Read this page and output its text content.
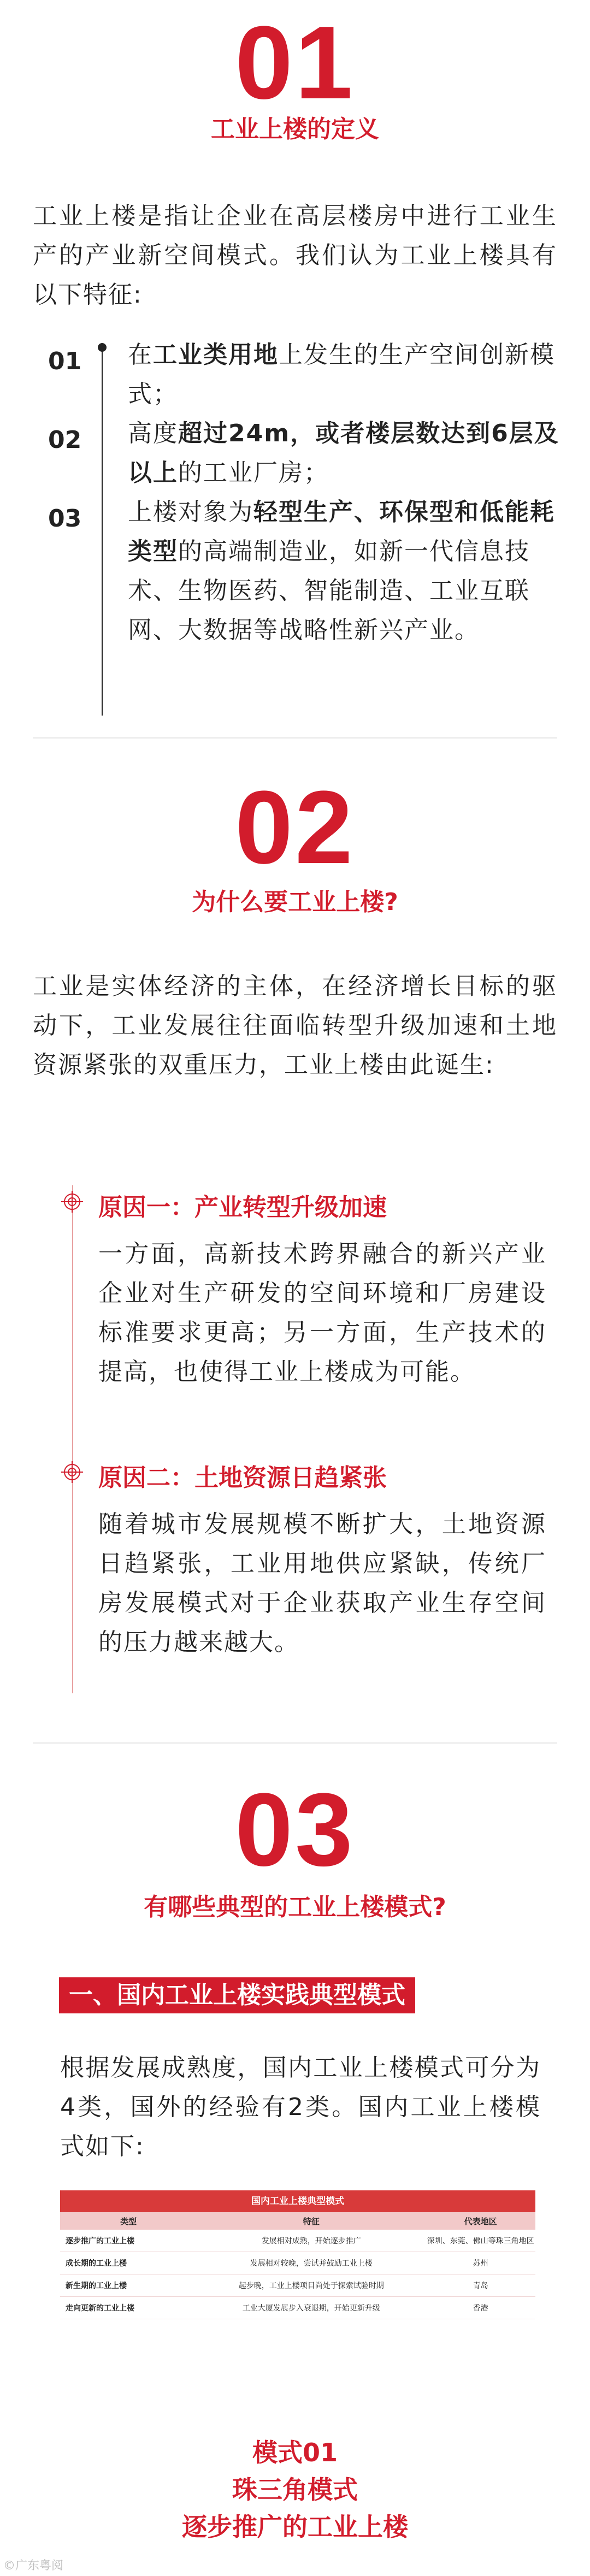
01
工业上楼的定义
工业上楼是指让企业在高层楼房中进行工业生产的产业新空间模式。我们认为工业上楼具有以下特征:
01 在工业类用地上发生的生产空间创新模式；
02 高度超过24m，或者楼层数达到6层及以上的工业厂房；
03 上楼对象为轻型生产、环保型和低能耗类型的高端制造业，如新一代信息技术、生物医药、智能制造、工业互联网、大数据等战略性新兴产业。
02
为什么要工业上楼?
工业是实体经济的主体，在经济增长目标的驱动下，工业发展往往面临转型升级加速和土地资源紧张的双重压力，工业上楼由此诞生:
原因一：产业转型升级加速
一方面，高新技术跨界融合的新兴产业企业对生产研发的空间环境和厂房建设标准要求更高；另一方面，生产技术的提高，也使得工业上楼成为可能。
原因二：土地资源日趋紧张
随着城市发展规模不断扩大，土地资源日趋紧张，工业用地供应紧缺，传统厂房发展模式对于企业获取产业生存空间的压力越来越大。
03
有哪些典型的工业上楼模式?
一、国内工业上楼实践典型模式
根据发展成熟度，国内工业上楼模式可分为4类，国外的经验有2类。国内工业上楼模式如下:
国内工业上楼典型模式
类型	特征	代表地区
逐步推广的工业上楼	发展相对成熟，开始逐步推广	深圳、东莞、佛山等珠三角地区
成长期的工业上楼	发展相对较晚，尝试并鼓励工业上楼	苏州
新生期的工业上楼	起步晚，工业上楼项目尚处于探索试验时期	青岛
走向更新的工业上楼	工业大厦发展步入衰退期，开始更新升级	香港
模式01
珠三角模式
逐步推广的工业上楼
©广东粤阅
